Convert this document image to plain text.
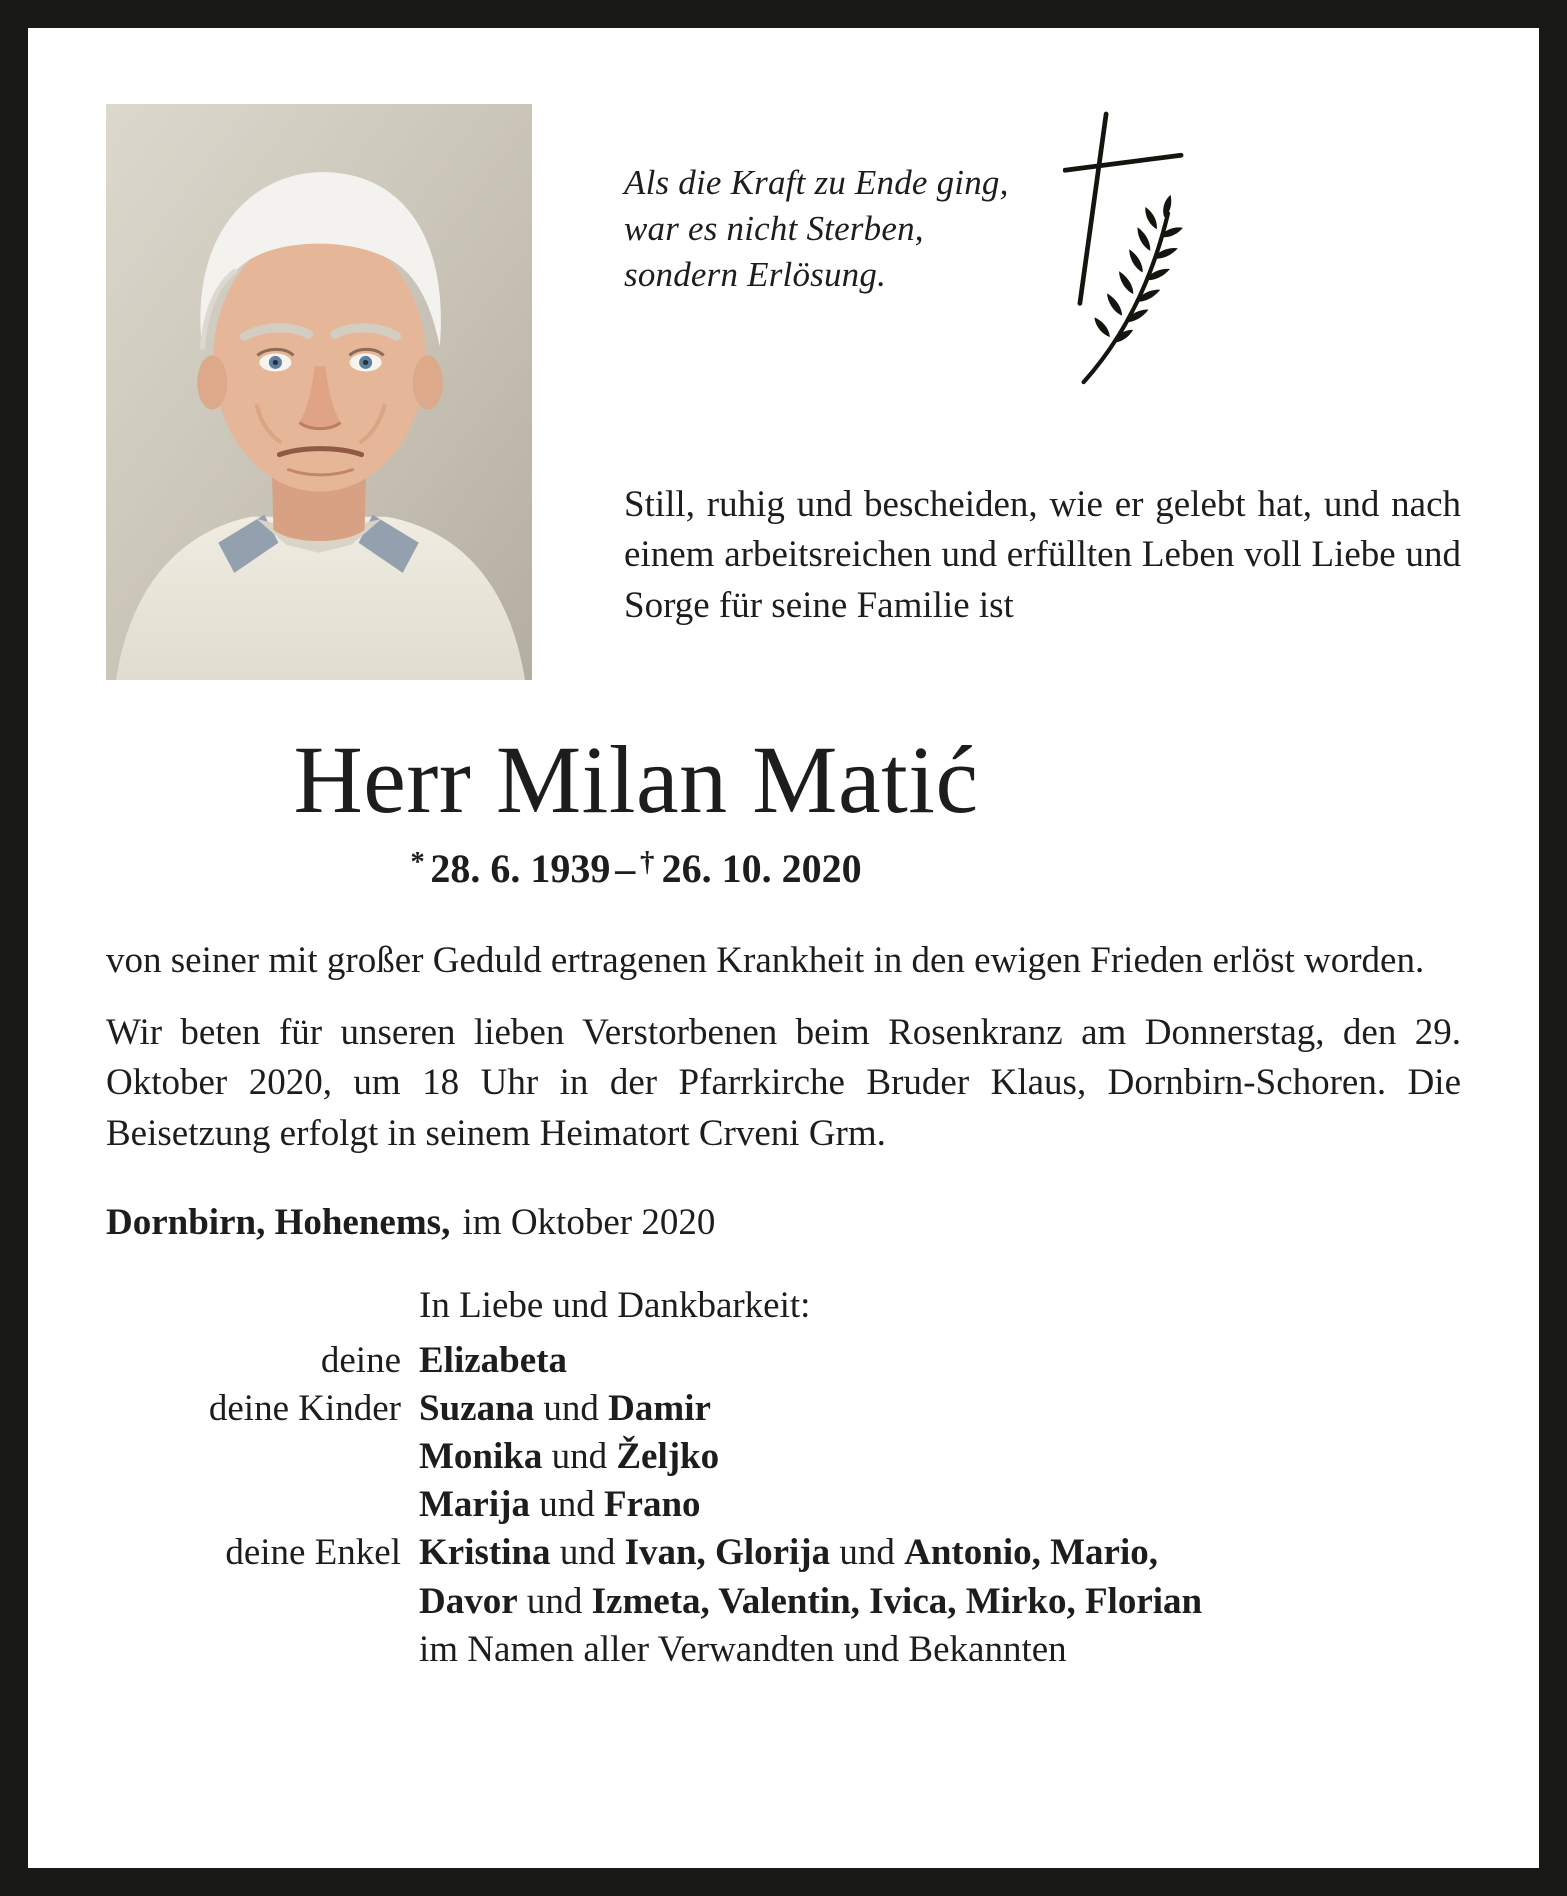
Als die Kraft zu Ende ging,
war es nicht Sterben,
sondern Erlösung.

Still, ruhig und bescheiden, wie er gelebt hat, und nach einem arbeitsreichen und erfüllten Leben voll Liebe und Sorge für seine Familie ist

Herr Milan Matić
* 28. 6. 1939 – † 26. 10. 2020

von seiner mit großer Geduld ertragenen Krankheit in den ewigen Frieden erlöst worden.

Wir beten für unseren lieben Verstorbenen beim Rosenkranz am Donnerstag, den 29. Oktober 2020, um 18 Uhr in der Pfarrkirche Bruder Klaus, Dornbirn-Schoren. Die Beisetzung erfolgt in seinem Heimatort Crveni Grm.

Dornbirn, Hohenems, im Oktober 2020
In Liebe und Dankbarkeit:
deine Elizabeta
deine Kinder Suzana und Damir
Monika und Željko
Marija und Frano
deine Enkel Kristina und Ivan, Glorija und Antonio, Mario,
Davor und Izmeta, Valentin, Ivica, Mirko, Florian
im Namen aller Verwandten und Bekannten
